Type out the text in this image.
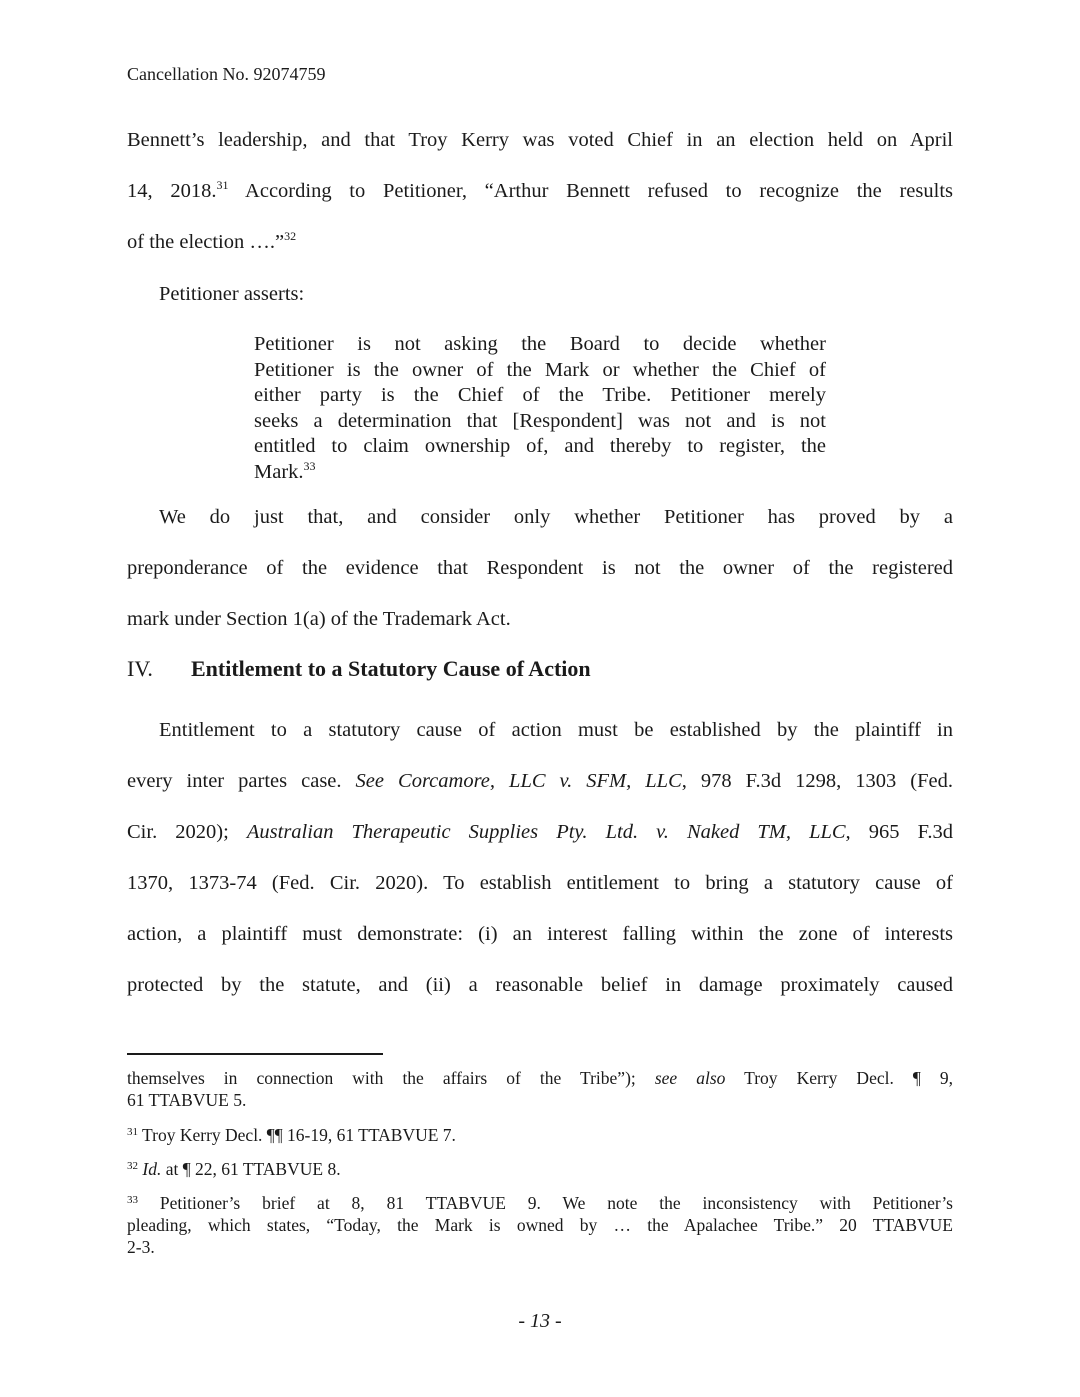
Cancellation No. 92074759
Bennett’s leadership, and that Troy Kerry was voted Chief in an election held on April
14, 2018.31 According to Petitioner, “Arthur Bennett refused to recognize the results
of the election ….”$^{32}$
Petitioner asserts:
Petitioner is not asking the Board to decide whether
Petitioner is the owner of the Mark or whether the Chief of
either party is the Chief of the Tribe. Petitioner merely
seeks a determination that [Respondent] was not and is not
entitled to claim ownership of, and thereby to register, the
Mark.$^{33}$
We do just that, and consider only whether Petitioner has proved by a
preponderance of the evidence that Respondent is not the owner of the registered
mark under Section 1(a) of the Trademark Act.
IV. Entitlement to a Statutory Cause of Action
Entitlement to a statutory cause of action must be established by the plaintiff in
every inter partes case. See Corcamore, LLC v. SFM, LLC, 978 F.3d 1298, 1303 (Fed.
Cir. 2020); Australian Therapeutic Supplies Pty. Ltd. v. Naked TM, LLC, 965 F.3d
1370, 1373-74 (Fed. Cir. 2020). To establish entitlement to bring a statutory cause of
action, a plaintiff must demonstrate: (i) an interest falling within the zone of interests
protected by the statute, and (ii) a reasonable belief in damage proximately caused
themselves in connection with the affairs of the Tribe”); see also Troy Kerry Decl. ¶ 9,
61 TTABVUE 5.
$^{31}$ Troy Kerry Decl. ¶¶ 16-19, 61 TTABVUE 7.
$^{32}$ Id. at ¶ 22, 61 TTABVUE 8.
$^{33}$ Petitioner’s brief at 8, 81 TTABVUE 9. We note the inconsistency with Petitioner’s
pleading, which states, “Today, the Mark is owned by … the Apalachee Tribe.” 20 TTABVUE
2-3.
- 13 -
